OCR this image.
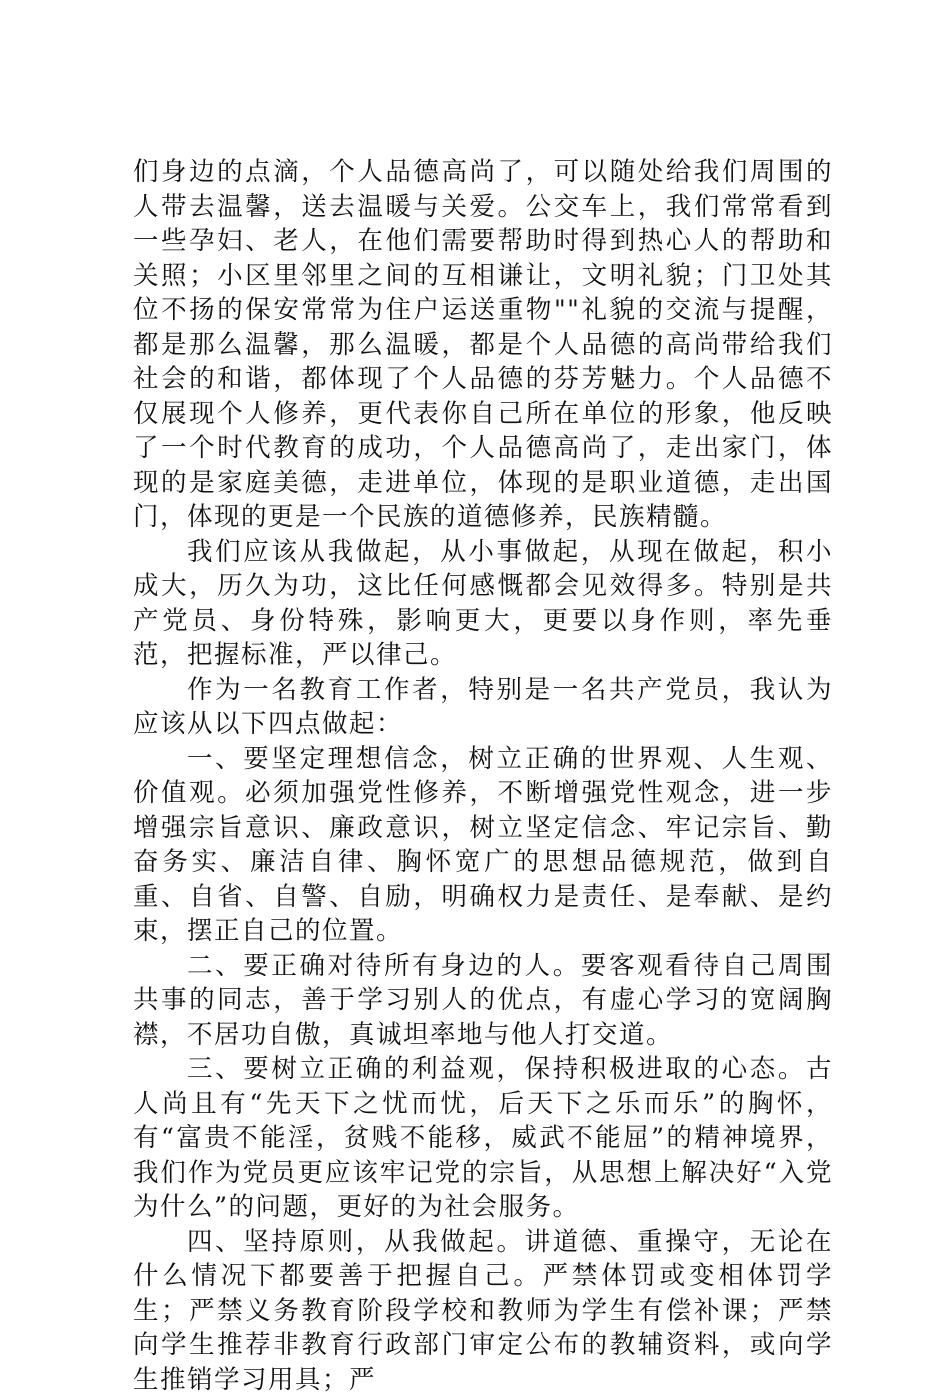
们身边的点滴，个人品德高尚了，可以随处给我们周围的人带去温馨，送去温暖与关爱。公交车上，我们常常看到一些孕妇、老人，在他们需要帮助时得到热心人的帮助和关照；小区里邻里之间的互相谦让，文明礼貌；门卫处其位不扬的保安常常为住户运送重物""礼貌的交流与提醒，都是那么温馨，那么温暖，都是个人品德的高尚带给我们社会的和谐，都体现了个人品德的芬芳魅力。个人品德不仅展现个人修养，更代表你自己所在单位的形象，他反映了一个时代教育的成功，个人品德高尚了，走出家门，体现的是家庭美德，走进单位，体现的是职业道德，走出国门，体现的更是一个民族的道德修养，民族精髓。

我们应该从我做起，从小事做起，从现在做起，积小成大，历久为功，这比任何感慨都会见效得多。特别是共产党员、身份特殊，影响更大，更要以身作则，率先垂范，把握标准，严以律己。

作为一名教育工作者，特别是一名共产党员，我认为应该从以下四点做起：

一、要坚定理想信念，树立正确的世界观、人生观、价值观。必须加强党性修养，不断增强党性观念，进一步增强宗旨意识、廉政意识，树立坚定信念、牢记宗旨、勤奋务实、廉洁自律、胸怀宽广的思想品德规范，做到自重、自省、自警、自励，明确权力是责任、是奉献、是约束，摆正自己的位置。

二、要正确对待所有身边的人。要客观看待自己周围共事的同志，善于学习别人的优点，有虚心学习的宽阔胸襟，不居功自傲，真诚坦率地与他人打交道。

三、要树立正确的利益观，保持积极进取的心态。古人尚且有“先天下之忧而忧，后天下之乐而乐”的胸怀，有“富贵不能淫，贫贱不能移，威武不能屈”的精神境界，我们作为党员更应该牢记党的宗旨，从思想上解决好“入党为什么”的问题，更好的为社会服务。

四、坚持原则，从我做起。讲道德、重操守，无论在什么情况下都要善于把握自己。严禁体罚或变相体罚学生；严禁义务教育阶段学校和教师为学生有偿补课；严禁向学生推荐非教育行政部门审定公布的教辅资料，或向学生推销学习用具；严
